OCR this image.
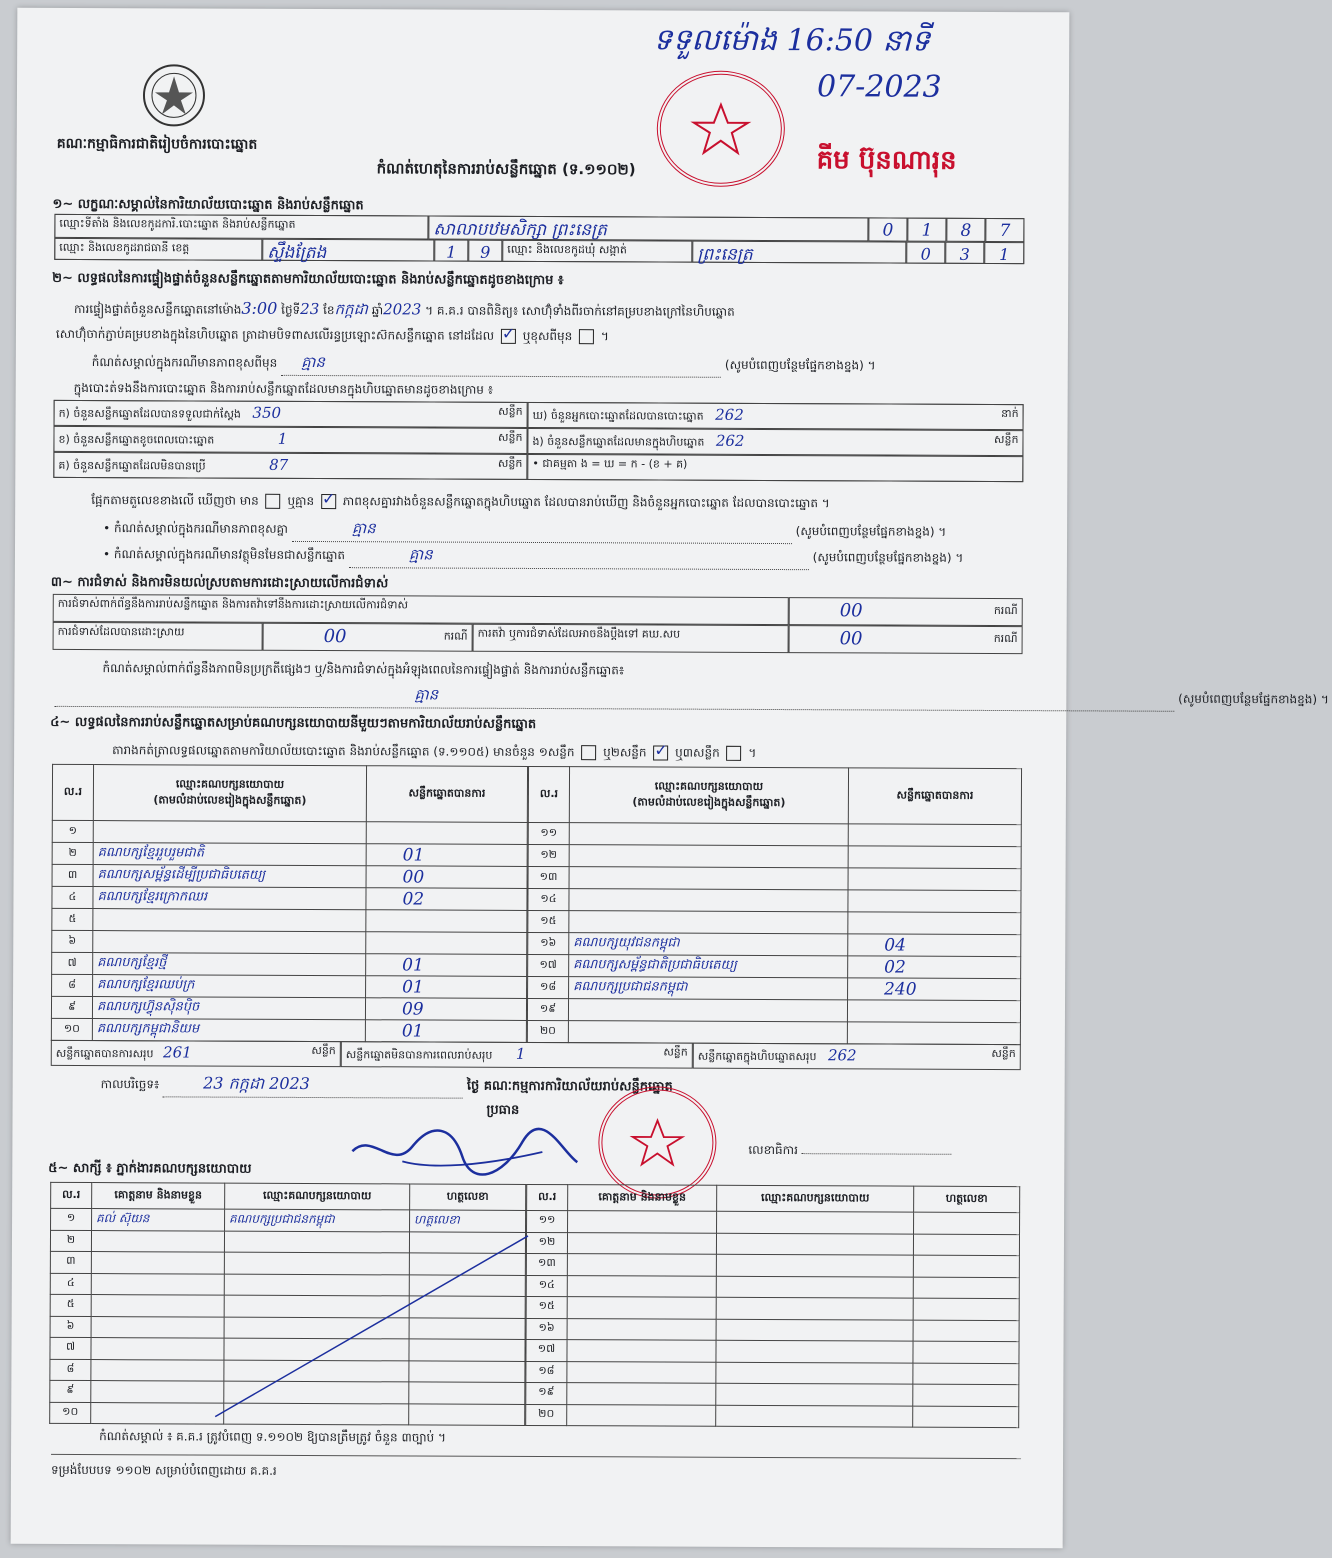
គណៈកម្មាធិការជាតិរៀបចំការបោះឆ្នោត
កំណត់ហេតុនៃការរាប់សន្លឹកឆ្នោត (ទ.១១០២)
ទទួលម៉ោង 16:50 នាទី
07-2023
គីម ប៊ុនណារុន
១~ លក្ខណៈសម្គាល់នៃការិយាល័យបោះឆ្នោត និងរាប់សន្លឹកឆ្នោត
ឈ្មោះទីតាំង និងលេខកូដការិ.បោះឆ្នោត និងរាប់សន្លឹកឆ្នោត	សាលាបឋមសិក្សា ព្រះនេត្រ	0	1	8	7
ឈ្មោះ និងលេខកូដរាជធានី ខេត្ត	ស្ទឹងត្រែង	1	9	ឈ្មោះ និងលេខកូដឃុំ សង្កាត់	ព្រះនេត្រ	0	3	1
២~ លទ្ធផលនៃការផ្ទៀងផ្ទាត់ចំនួនសន្លឹកឆ្នោតតាមការិយាល័យបោះឆ្នោត និងរាប់សន្លឹកឆ្នោតដូចខាងក្រោម ៖
ការផ្ទៀងផ្ទាត់ចំនួនសន្លឹកឆ្នោតនៅម៉ោង3:00 ថ្ងៃទី23 ខែកក្កដា ឆ្នាំ2023 ។ គ.គ.រ បានពិនិត្យ៖ សោហ៊ុំទាំងពីរចាក់នៅគម្របខាងក្រៅនៃហិបឆ្នោត
សោហ៊ុំចាក់ភ្ជាប់គម្របខាងក្នុងនៃហិបឆ្នោត ត្រាដាមបិទពាសលើរន្ធប្រឡោះស៊កសន្លឹកឆ្នោត នៅដដែល ✓ ឬខុសពីមុន  ។
កំណត់សម្គាល់ក្នុងករណីមានភាពខុសពីមុន គ្មាន	(សូមបំពេញបន្ថែមផ្នែកខាងខ្នង) ។
ក្នុងបោះត់ទងនឹងការបោះឆ្នោត និងការរាប់សន្លឹកឆ្នោតដែលមានក្នុងហិបឆ្នោតមានដូចខាងក្រោម ៖
ក) ចំនួនសន្លឹកឆ្នោតដែលបានទទួលជាក់ស្តែង 350	សន្លឹក ឃ) ចំនួនអ្នកបោះឆ្នោតដែលបានបោះឆ្នោត 262	នាក់
ខ) ចំនួនសន្លឹកឆ្នោតខូចពេលបោះឆ្នោត	1	សន្លឹក ង) ចំនួនសន្លឹកឆ្នោតដែលមានក្នុងហិបឆ្នោត 262	សន្លឹក
គ) ចំនួនសន្លឹកឆ្នោតដែលមិនបានប្រើ	87	សន្លឹក • ជាគម្មតា ង = ឃ = ក - (ខ + គ)
ផ្អែកតាមតួលេខខាងលើ ឃើញថា មាន ឬគ្មាន ✓ ភាពខុសគ្នារវាងចំនួនសន្លឹកឆ្នោតក្នុងហិបឆ្នោត ដែលបានរាប់ឃើញ និងចំនួនអ្នកបោះឆ្នោត ដែលបានបោះឆ្នោត ។
• កំណត់សម្គាល់ក្នុងករណីមានភាពខុសគ្នា	គ្មាន	(សូមបំពេញបន្ថែមផ្នែកខាងខ្នង) ។
• កំណត់សម្គាល់ក្នុងករណីមានវត្ថុមិនមែនជាសន្លឹកឆ្នោត	គ្មាន	(សូមបំពេញបន្ថែមផ្នែកខាងខ្នង) ។
៣~ ការជំទាស់ និងការមិនយល់ស្របតាមការដោះស្រាយលើការជំទាស់
ការជំទាស់ពាក់ព័ន្ធនឹងការរាប់សន្លឹកឆ្នោត និងការតវ៉ាទៅនឹងការដោះស្រាយលើការជំទាស់	00	ករណី
ការជំទាស់ដែលបានដោះស្រាយ	00	ករណី ការតវ៉ា ឬការជំទាស់ដែលអាចនឹងប្តឹងទៅ គឃ.សប	00	ករណី
កំណត់សម្គាល់ពាក់ព័ន្ធនឹងភាពមិនប្រក្រតីផ្សេងៗ ឬ/និងការជំទាស់ក្នុងអំឡុងពេលនៃការផ្ទៀងផ្ទាត់ និងការរាប់សន្លឹកឆ្នោត៖
គ្មាន	(សូមបំពេញបន្ថែមផ្នែកខាងខ្នង) ។
៤~ លទ្ធផលនៃការរាប់សន្លឹកឆ្នោតសម្រាប់គណបក្សនយោបាយនីមួយៗតាមការិយាល័យរាប់សន្លឹកឆ្នោត
តារាងកត់ត្រាលទ្ធផលឆ្នោតតាមការិយាល័យបោះឆ្នោត និងរាប់សន្លឹកឆ្នោត (ទ.១១០៥) មានចំនួន ១សន្លឹក ឬ២សន្លឹក ✓ ឬ៣សន្លឹក  ។
ល.រ	ឈ្មោះគណបក្សនយោបាយ
(តាមលំដាប់លេខរៀងក្នុងសន្លឹកឆ្នោត)	សន្លឹកឆ្នោតបានការ
១		
២	គណបក្សខ្មែររួបរួមជាតិ	01
៣	គណបក្សសម្ព័ន្ធដើម្បីប្រជាធិបតេយ្យ	00
៤	គណបក្សខ្មែរក្រោកឈរ	02
៥		
៦		
៧	គណបក្សខ្មែរថ្មី	01
៨	គណបក្សខ្មែរឈប់ក្រ	01
៩	គណបក្សហ៊្វុនស៊ិនប៉ិច	09
១០	គណបក្សកម្ពុជានិយម	01
ល.រ	ឈ្មោះគណបក្សនយោបាយ
(តាមលំដាប់លេខរៀងក្នុងសន្លឹកឆ្នោត)	សន្លឹកឆ្នោតបានការ
១១		
១២		
១៣		
១៤		
១៥		
១៦	គណបក្សយុវជនកម្ពុជា	04
១៧	គណបក្សសម្ព័ន្ធជាតិប្រជាធិបតេយ្យ	02
១៨	គណបក្សប្រជាជនកម្ពុជា	240
១៩		
២០		
សន្លឹកឆ្នោតបានការសរុប 261	សន្លឹក សន្លឹកឆ្នោតមិនបានការពេលរាប់សរុប 1	សន្លឹក សន្លឹកឆ្នោតក្នុងហិបឆ្នោតសរុប 262	សន្លឹក
កាលបរិច្ឆេទ៖	23 កក្កដា 2023	ថ្ងៃ គណៈកម្មការការិយាល័យរាប់សន្លឹកឆ្នោត
ប្រធាន
លេខាធិការ
៥~ សាក្សី ៖ ភ្នាក់ងារគណបក្សនយោបាយ
ល.រ	គោត្តនាម និងនាមខ្លួន	ឈ្មោះគណបក្សនយោបាយ	ហត្ថលេខា
១	គល់ ស៊ុយន	គណបក្សប្រជាជនកម្ពុជា	ហត្ថលេខា
២			
៣			
៤			
៥			
៦			
៧			
៨			
៩			
១០			
ល.រ	គោត្តនាម និងនាមខ្លួន	ឈ្មោះគណបក្សនយោបាយ	ហត្ថលេខា
១១			
១២			
១៣			
១៤			
១៥			
១៦			
១៧			
១៨			
១៩			
២០			
កំណត់សម្គាល់ ៖ គ.គ.រ ត្រូវបំពេញ ទ.១១០២ ឱ្យបានត្រឹមត្រូវ ចំនួន ៣ច្បាប់ ។
ទម្រង់បែបបទ ១១០២ សម្រាប់បំពេញដោយ គ.គ.រ
